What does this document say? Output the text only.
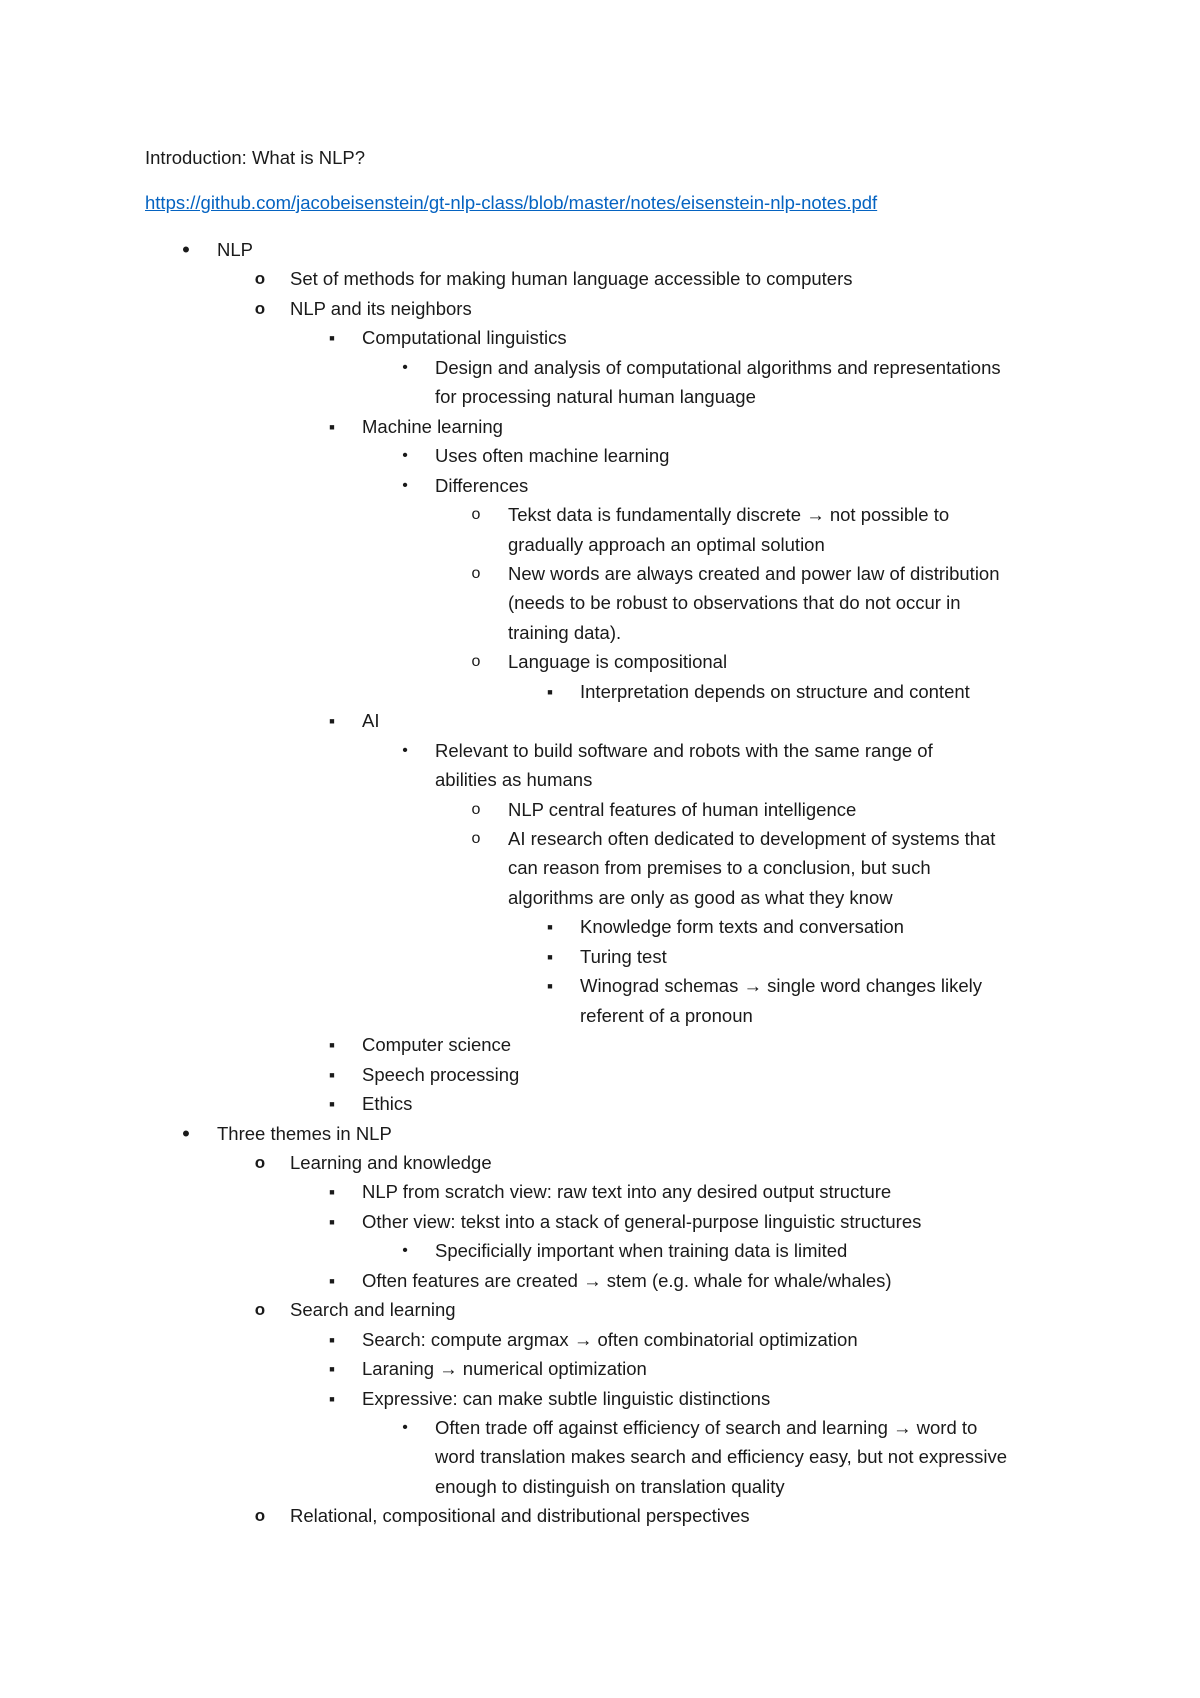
Introduction: What is NLP?
https://github.com/jacobeisenstein/gt-nlp-class/blob/master/notes/eisenstein-nlp-notes.pdf
•	NLP
o Set of methods for making human language accessible to computers
o NLP and its neighbors
■	Computational linguistics
•	Design and analysis of computational algorithms and representations
for processing natural human language
■	Machine learning
•	Uses often machine learning
•	Differences
o Tekst data is fundamentally discrete → not possible to
gradually approach an optimal solution
o New words are always created and power law of distribution
(needs to be robust to observations that do not occur in
training data).
o Language is compositional
■	Interpretation depends on structure and content
■	AI
•	Relevant to build software and robots with the same range of
abilities as humans
o NLP central features of human intelligence
o AI research often dedicated to development of systems that
can reason from premises to a conclusion, but such
algorithms are only as good as what they know
■	Knowledge form texts and conversation
■	Turing test
■	Winograd schemas → single word changes likely
referent of a pronoun
■	Computer science
■	Speech processing
■	Ethics
•	Three themes in NLP
o Learning and knowledge
■	NLP from scratch view: raw text into any desired output structure
■	Other view: tekst into a stack of general-purpose linguistic structures
•	Specificially important when training data is limited
■	Often features are created → stem (e.g. whale for whale/whales)
o Search and learning
■	Search: compute argmax → often combinatorial optimization
■	Laraning → numerical optimization
■	Expressive: can make subtle linguistic distinctions
•	Often trade off against efficiency of search and learning → word to
word translation makes search and efficiency easy, but not expressive
enough to distinguish on translation quality
o Relational, compositional and distributional perspectives
